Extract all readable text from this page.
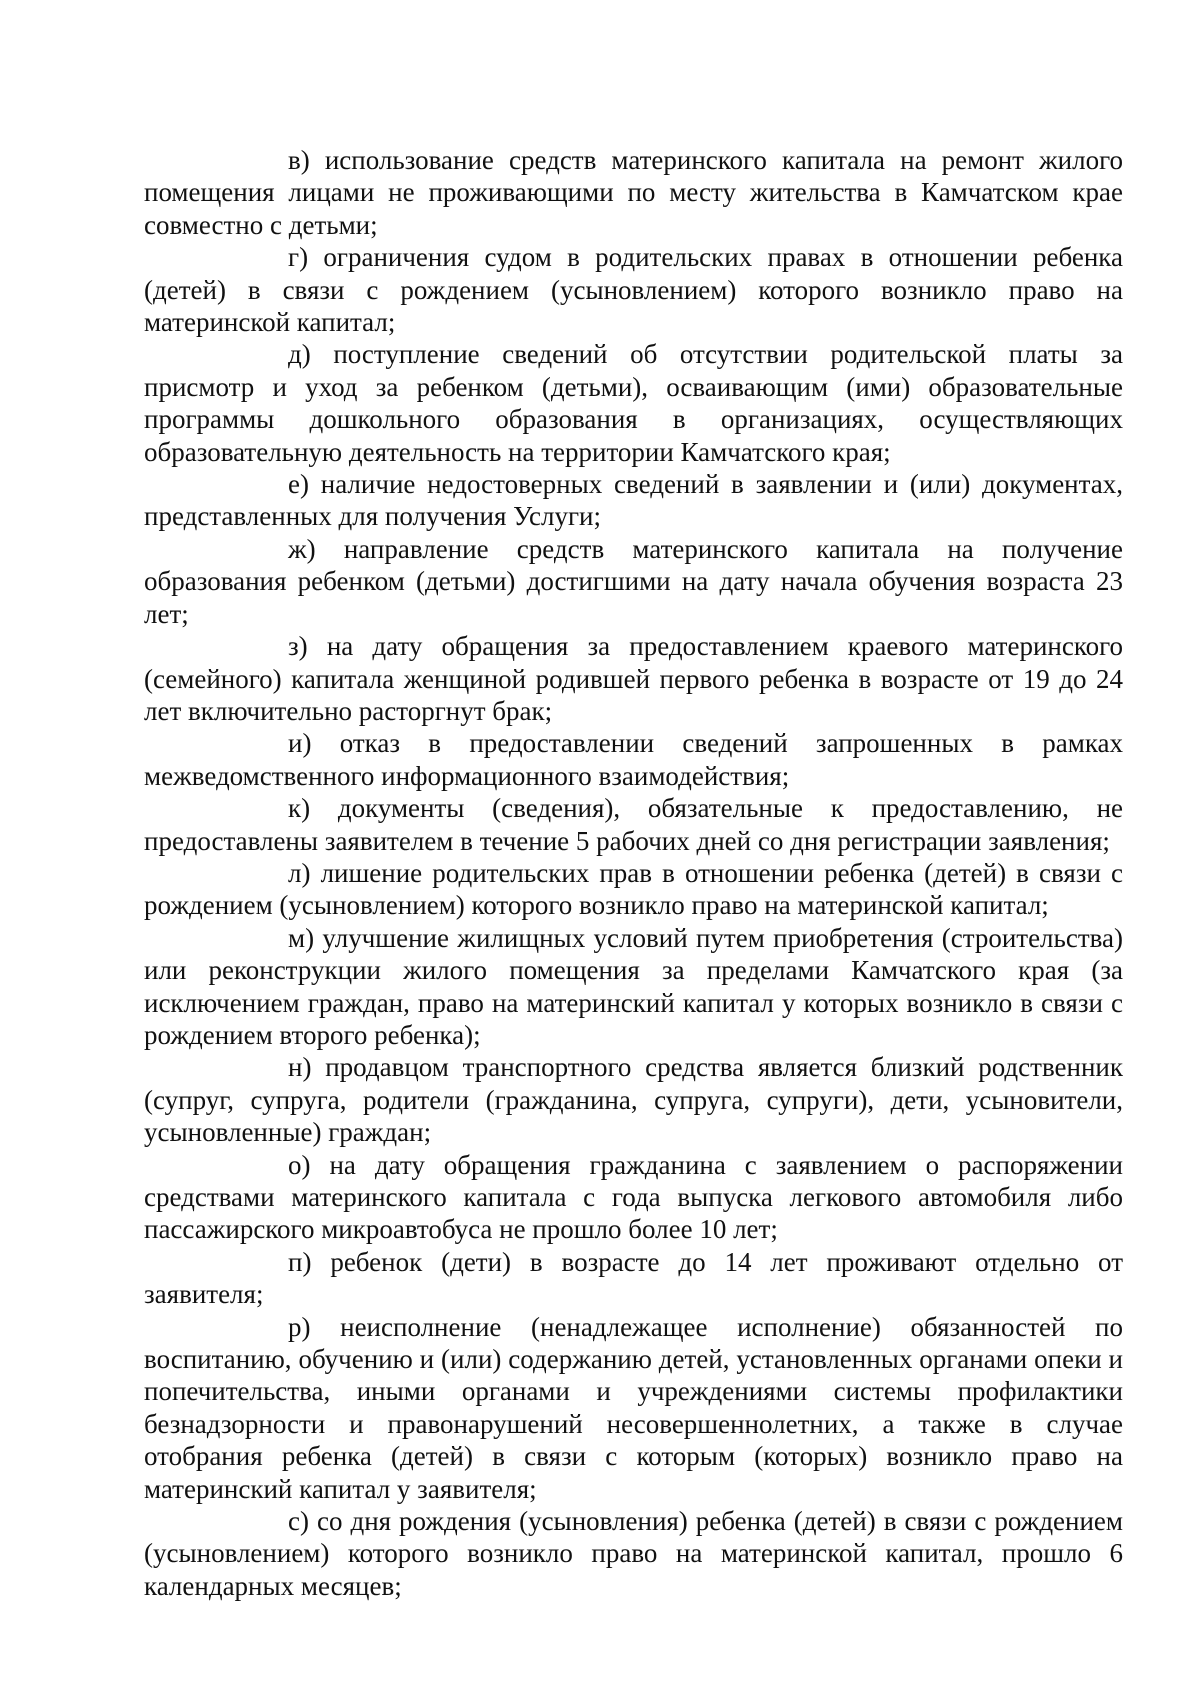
в) использование средств материнского капитала на ремонт жилого помещения лицами не проживающими по месту жительства в Камчатском крае совместно с детьми;

г) ограничения судом в родительских правах в отношении ребенка (детей) в связи с рождением (усыновлением) которого возникло право на материнской капитал;

д) поступление сведений об отсутствии родительской платы за присмотр и уход за ребенком (детьми), осваивающим (ими) образовательные программы дошкольного образования в организациях, осуществляющих образовательную деятельность на территории Камчатского края;

е) наличие недостоверных сведений в заявлении и (или) документах, представленных для получения Услуги;

ж) направление средств материнского капитала на получение образования ребенком (детьми) достигшими на дату начала обучения возраста 23 лет;

з) на дату обращения за предоставлением краевого материнского (семейного) капитала женщиной родившей первого ребенка в возрасте от 19 до 24 лет включительно расторгнут брак;

и) отказ в предоставлении сведений запрошенных в рамках межведомственного информационного взаимодействия;

к) документы (сведения), обязательные к предоставлению, не предоставлены заявителем в течение 5 рабочих дней со дня регистрации заявления;

л) лишение родительских прав в отношении ребенка (детей) в связи с рождением (усыновлением) которого возникло право на материнской капитал;

м) улучшение жилищных условий путем приобретения (строительства) или реконструкции жилого помещения за пределами Камчатского края (за исключением граждан, право на материнский капитал у которых возникло в связи с рождением второго ребенка);

н) продавцом транспортного средства является близкий родственник (супруг, супруга, родители (гражданина, супруга, супруги), дети, усыновители, усыновленные) граждан;

о) на дату обращения гражданина с заявлением о распоряжении средствами материнского капитала с года выпуска легкового автомобиля либо пассажирского микроавтобуса не прошло более 10 лет;

п) ребенок (дети) в возрасте до 14 лет проживают отдельно от заявителя;

р) неисполнение (ненадлежащее исполнение) обязанностей по воспитанию, обучению и (или) содержанию детей, установленных органами опеки и попечительства, иными органами и учреждениями системы профилактики безнадзорности и правонарушений несовершеннолетних, а также в случае отобрания ребенка (детей) в связи с которым (которых) возникло право на материнский капитал у заявителя;

с) со дня рождения (усыновления) ребенка (детей) в связи с рождением (усыновлением) которого возникло право на материнской капитал, прошло 6 календарных месяцев;
